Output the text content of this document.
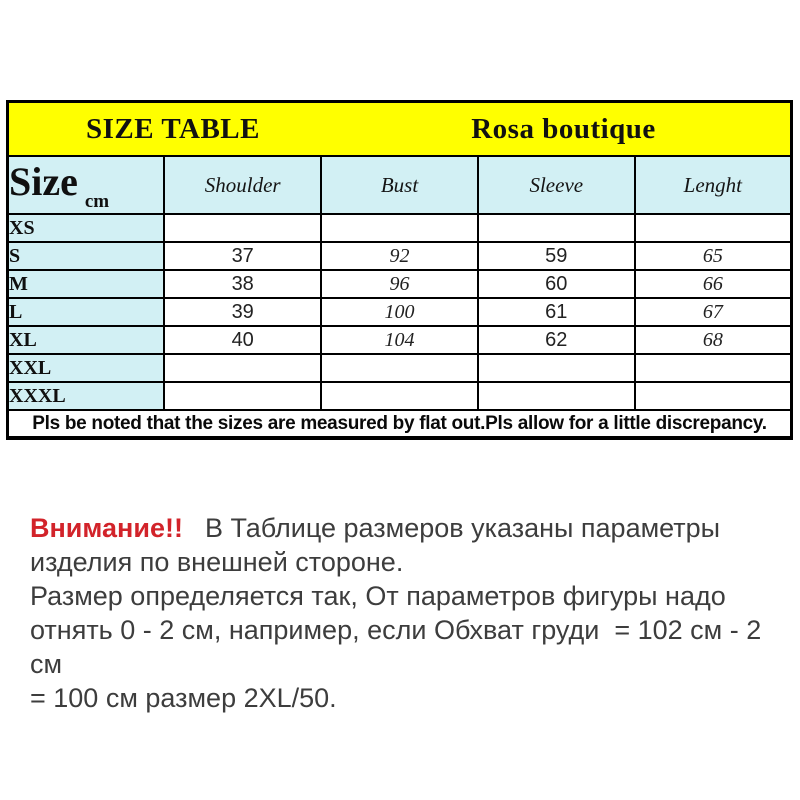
SIZE TABLE Rosa boutique				

Size cm	Shoulder	Bust	Sleeve	Lenght
XS				
S	37	92	59	65
M	38	96	60	66
L	39	100	61	67
XL	40	104	62	68
XXL				
XXXL				
Pls be noted that the sizes are measured by flat out.Pls allow for a little discrepancy.				
Внимание!! В Таблице размеров указаны параметры
изделия по внешней стороне.
Размер определяется так, От параметров фигуры надо
отнять 0 - 2 см, например, если Обхват груди  = 102 см - 2 см
= 100 см размер 2XL/50.
